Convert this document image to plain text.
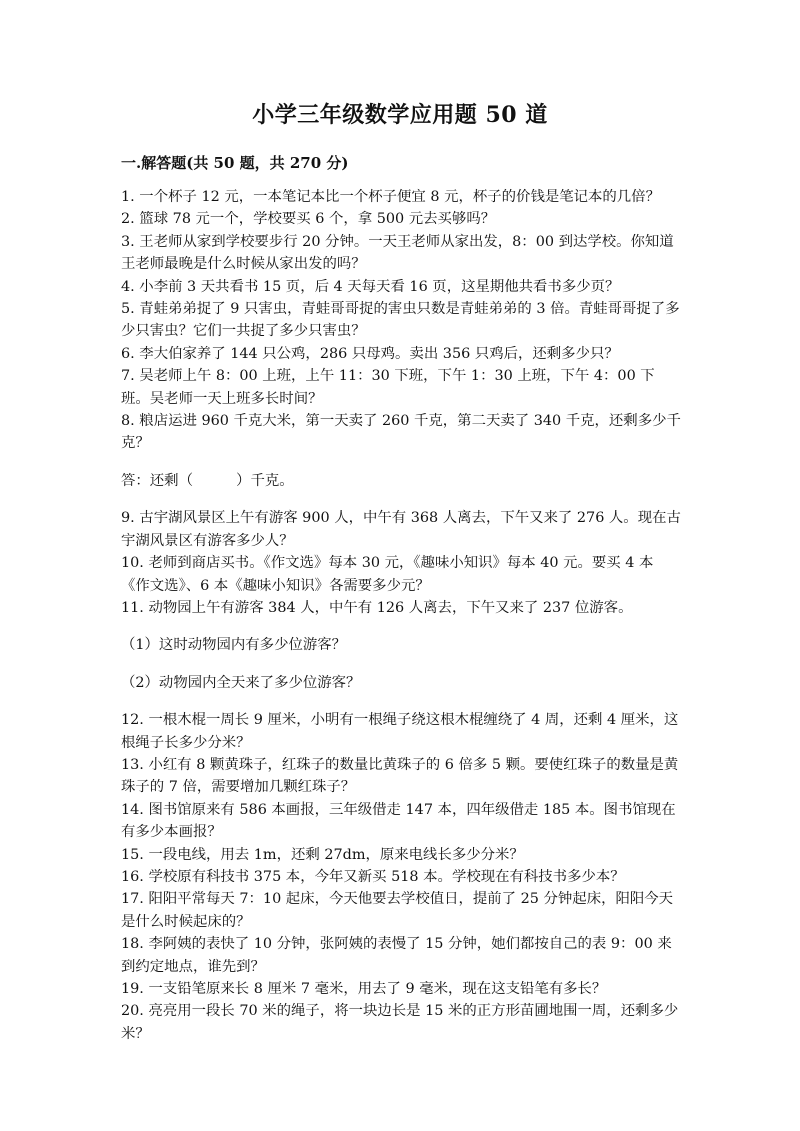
小学三年级数学应用题 50 道
一.解答题(共 50 题，共 270 分)

1. 一个杯子 12 元，一本笔记本比一个杯子便宜 8 元，杯子的价钱是笔记本的几倍？

2. 篮球 78 元一个，学校要买 6 个，拿 500 元去买够吗？

3. 王老师从家到学校要步行 20 分钟。一天王老师从家出发，8：00 到达学校。你知道王老师最晚是什么时候从家出发的吗？

4. 小李前 3 天共看书 15 页，后 4 天每天看 16 页，这星期他共看书多少页？

5. 青蛙弟弟捉了 9 只害虫，青蛙哥哥捉的害虫只数是青蛙弟弟的 3 倍。青蛙哥哥捉了多少只害虫？它们一共捉了多少只害虫？

6. 李大伯家养了 144 只公鸡，286 只母鸡。卖出 356 只鸡后，还剩多少只？

7. 吴老师上午 8：00 上班，上午 11：30 下班，下午 1：30 上班，下午 4：00 下班。吴老师一天上班多长时间？

8. 粮店运进 960 千克大米，第一天卖了 260 千克，第二天卖了 340 千克，还剩多少千克？

答：还剩（　　　）千克。

9. 古宇湖风景区上午有游客 900 人，中午有 368 人离去，下午又来了 276 人。现在古宇湖风景区有游客多少人？

10. 老师到商店买书。《作文选》每本 30 元，《趣味小知识》每本 40 元。要买 4 本《作文选》、6 本《趣味小知识》各需要多少元？

11. 动物园上午有游客 384 人，中午有 126 人离去，下午又来了 237 位游客。

（1）这时动物园内有多少位游客？

（2）动物园内全天来了多少位游客？

12. 一根木棍一周长 9 厘米，小明有一根绳子绕这根木棍缠绕了 4 周，还剩 4 厘米，这根绳子长多少分米？

13. 小红有 8 颗黄珠子，红珠子的数量比黄珠子的 6 倍多 5 颗。要使红珠子的数量是黄珠子的 7 倍，需要增加几颗红珠子？

14. 图书馆原来有 586 本画报，三年级借走 147 本，四年级借走 185 本。图书馆现在有多少本画报？

15. 一段电线，用去 1m，还剩 27dm，原来电线长多少分米？

16. 学校原有科技书 375 本，今年又新买 518 本。学校现在有科技书多少本？

17. 阳阳平常每天 7：10 起床，今天他要去学校值日，提前了 25 分钟起床，阳阳今天是什么时候起床的？

18. 李阿姨的表快了 10 分钟，张阿姨的表慢了 15 分钟，她们都按自己的表 9：00 来到约定地点，谁先到？

19. 一支铅笔原来长 8 厘米 7 毫米，用去了 9 毫米，现在这支铅笔有多长？

20. 亮亮用一段长 70 米的绳子，将一块边长是 15 米的正方形苗圃地围一周，还剩多少米？
